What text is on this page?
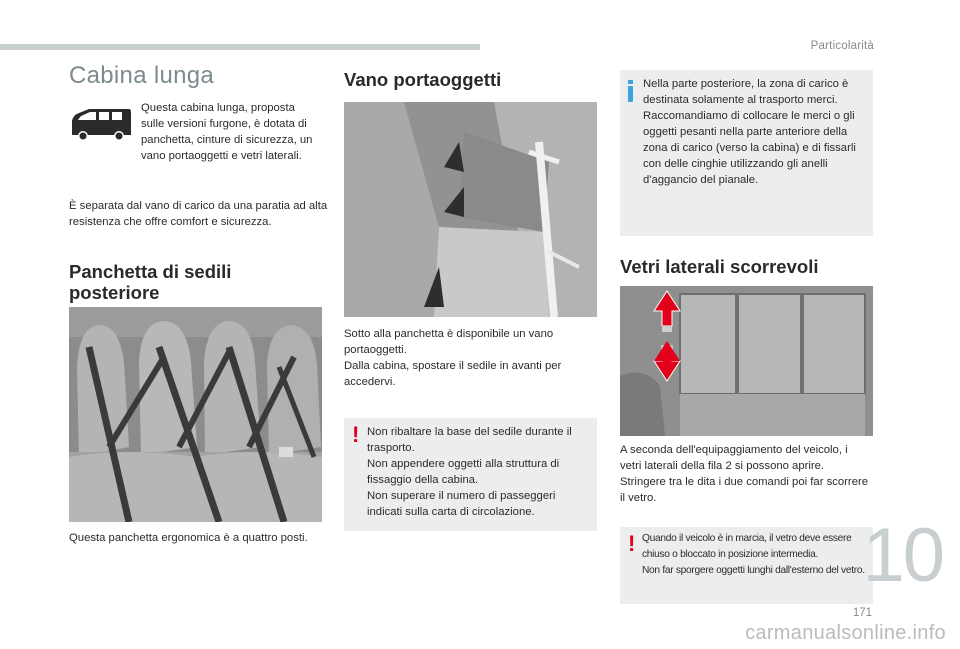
Particolarità
Cabina lunga

Questa cabina lunga, proposta sulle versioni furgone, è dotata di panchetta, cinture di sicurezza, un vano portaoggetti e vetri laterali.

È separata dal vano di carico da una paratia ad alta resistenza che offre comfort e sicurezza.

Panchetta di sedili
posteriore

Questa panchetta ergonomica è a quattro posti.

Vano portaoggetti

Sotto alla panchetta è disponibile un vano portaoggetti.
Dalla cabina, spostare il sedile in avanti per accedervi.

! Non ribaltare la base del sedile durante il trasporto.
Non appendere oggetti alla struttura di fissaggio della cabina.
Non superare il numero di passeggeri indicati sulla carta di circolazione.

Nella parte posteriore, la zona di carico è destinata solamente al trasporto merci.
Raccomandiamo di collocare le merci o gli oggetti pesanti nella parte anteriore della zona di carico (verso la cabina) e di fissarli con delle cinghie utilizzando gli anelli d'aggancio del pianale.

Vetri laterali scorrevoli

A seconda dell'equipaggiamento del veicolo, i vetri laterali della fila 2 si possono aprire.
Stringere tra le dita i due comandi poi far scorrere il vetro.

! Quando il veicolo è in marcia, il vetro deve essere chiuso o bloccato in posizione intermedia.
Non far sporgere oggetti lunghi dall'esterno del vetro.

10
171
carmanualsonline.info
